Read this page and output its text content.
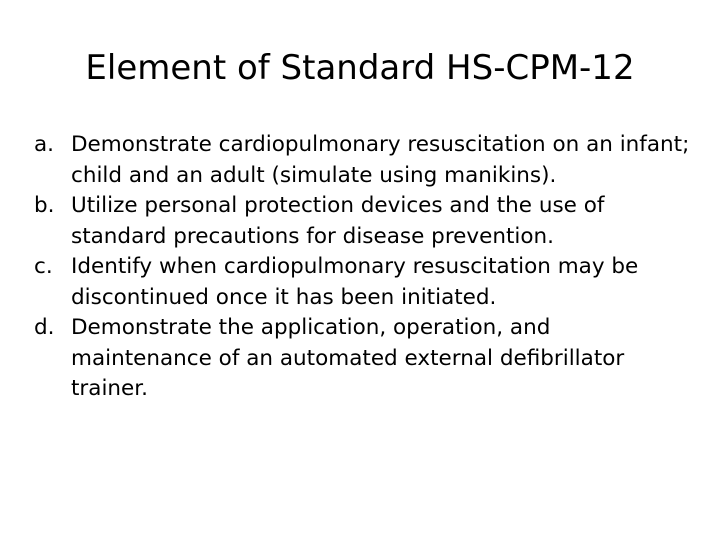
Element of Standard HS-CPM-12
a. Demonstrate cardiopulmonary resuscitation on an infant; child and an adult (simulate using manikins).
b. Utilize personal protection devices and the use of standard precautions for disease prevention.
c. Identify when cardiopulmonary resuscitation may be discontinued once it has been initiated.
d. Demonstrate the application, operation, and maintenance of an automated external defibrillator trainer.
